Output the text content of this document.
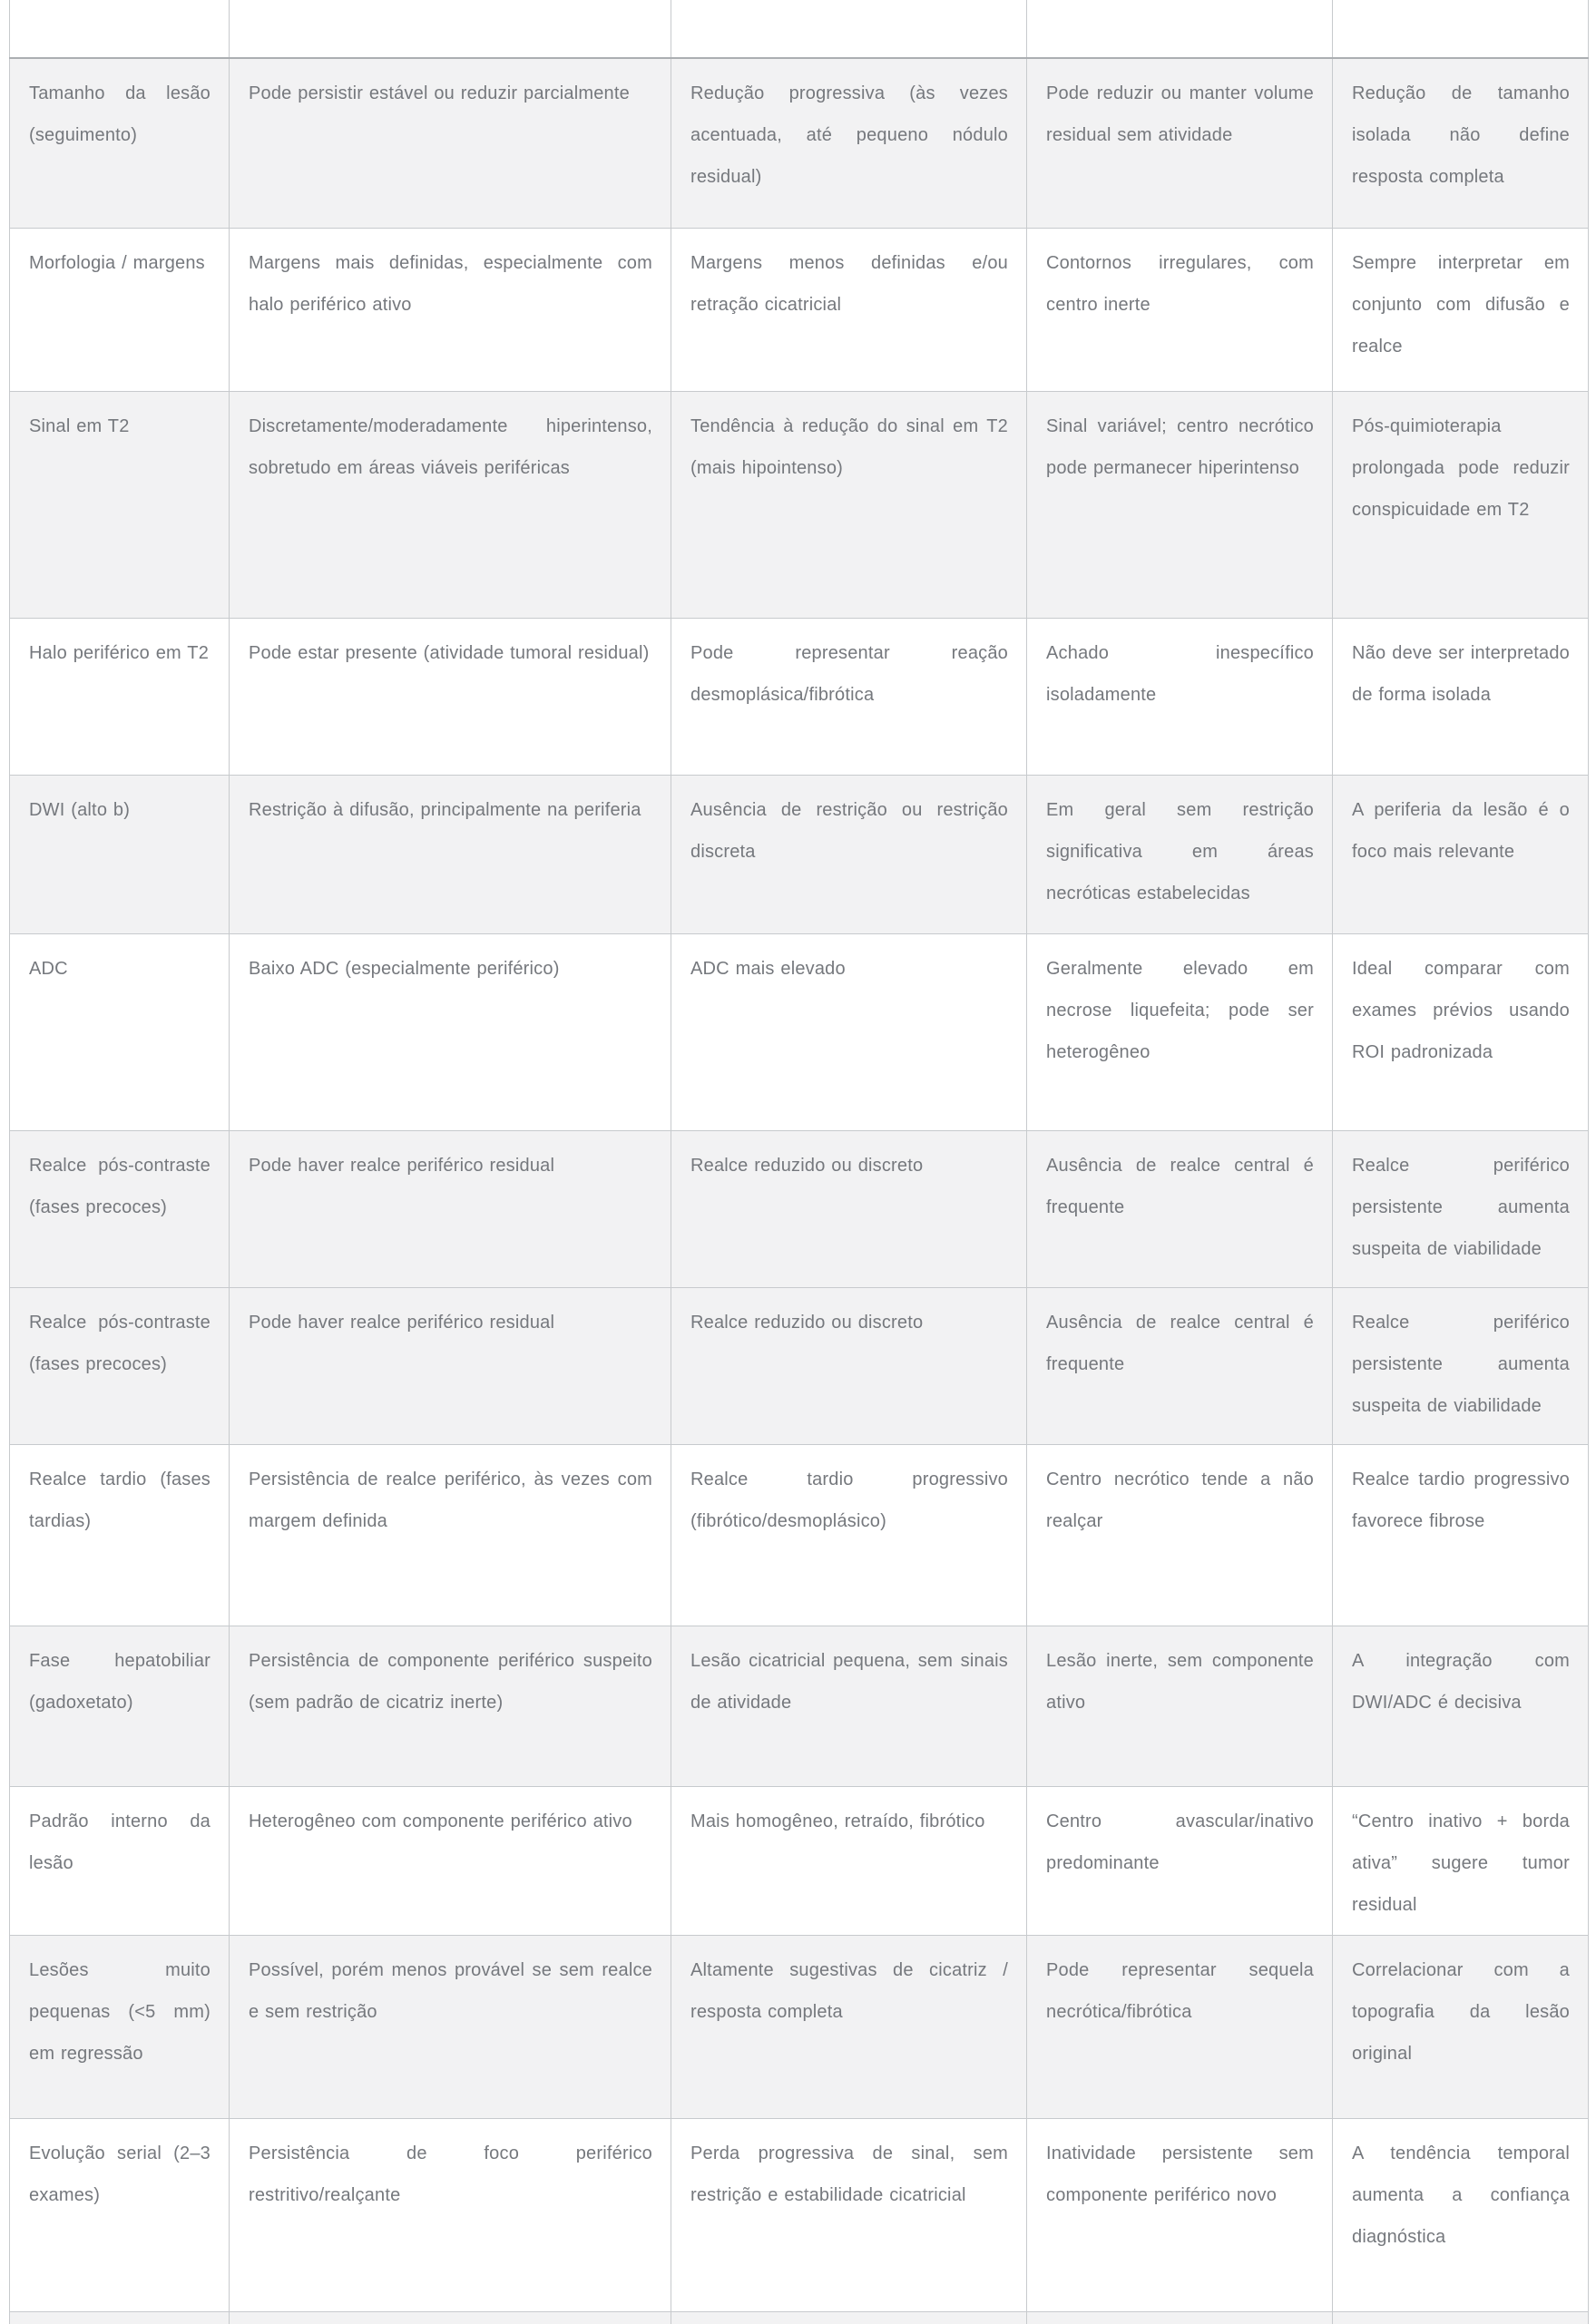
Tamanho da lesão (seguimento)	Pode persistir estável ou reduzir parcialmente	Redução progressiva (às vezes acentuada, até pequeno nódulo residual)	Pode reduzir ou manter volume residual sem atividade	Redução de tamanho isolada não define resposta completa
Morfologia / margens	Margens mais definidas, especialmente com halo periférico ativo	Margens menos definidas e/ou retração cicatricial	Contornos irregulares, com centro inerte	Sempre interpretar em conjunto com difusão e realce
Sinal em T2	Discretamente/moderadamente hiperintenso, sobretudo em áreas viáveis periféricas	Tendência à redução do sinal em T2 (mais hipointenso)	Sinal variável; centro necrótico pode permanecer hiperintenso	Pós-quimioterapia prolongada pode reduzir conspicuidade em T2
Halo periférico em T2	Pode estar presente (atividade tumoral residual)	Pode representar reação desmoplásica/fibrótica	Achado inespecífico isoladamente	Não deve ser interpretado de forma isolada
DWI (alto b)	Restrição à difusão, principalmente na periferia	Ausência de restrição ou restrição discreta	Em geral sem restrição significativa em áreas necróticas estabelecidas	A periferia da lesão é o foco mais relevante
ADC	Baixo ADC (especialmente periférico)	ADC mais elevado	Geralmente elevado em necrose liquefeita; pode ser heterogêneo	Ideal comparar com exames prévios usando ROI padronizada
Realce pós-contraste (fases precoces)	Pode haver realce periférico residual	Realce reduzido ou discreto	Ausência de realce central é frequente	Realce periférico persistente aumenta suspeita de viabilidade
Realce pós-contraste (fases precoces)	Pode haver realce periférico residual	Realce reduzido ou discreto	Ausência de realce central é frequente	Realce periférico persistente aumenta suspeita de viabilidade
Realce tardio (fases tardias)	Persistência de realce periférico, às vezes com margem definida	Realce tardio progressivo (fibrótico/desmoplásico)	Centro necrótico tende a não realçar	Realce tardio progressivo favorece fibrose
Fase hepatobiliar (gadoxetato)	Persistência de componente periférico suspeito (sem padrão de cicatriz inerte)	Lesão cicatricial pequena, sem sinais de atividade	Lesão inerte, sem componente ativo	A integração com DWI/ADC é decisiva
Padrão interno da lesão	Heterogêneo com componente periférico ativo	Mais homogêneo, retraído, fibrótico	Centro avascular/inativo predominante	“Centro inativo + borda ativa” sugere tumor residual
Lesões muito pequenas (<5 mm) em regressão	Possível, porém menos provável se sem realce e sem restrição	Altamente sugestivas de cicatriz / resposta completa	Pode representar sequela necrótica/fibrótica	Correlacionar com a topografia da lesão original
Evolução serial (2–3 exames)	Persistência de foco periférico restritivo/realçante	Perda progressiva de sinal, sem restrição e estabilidade cicatricial	Inatividade persistente sem componente periférico novo	A tendência temporal aumenta a confiança diagnóstica
